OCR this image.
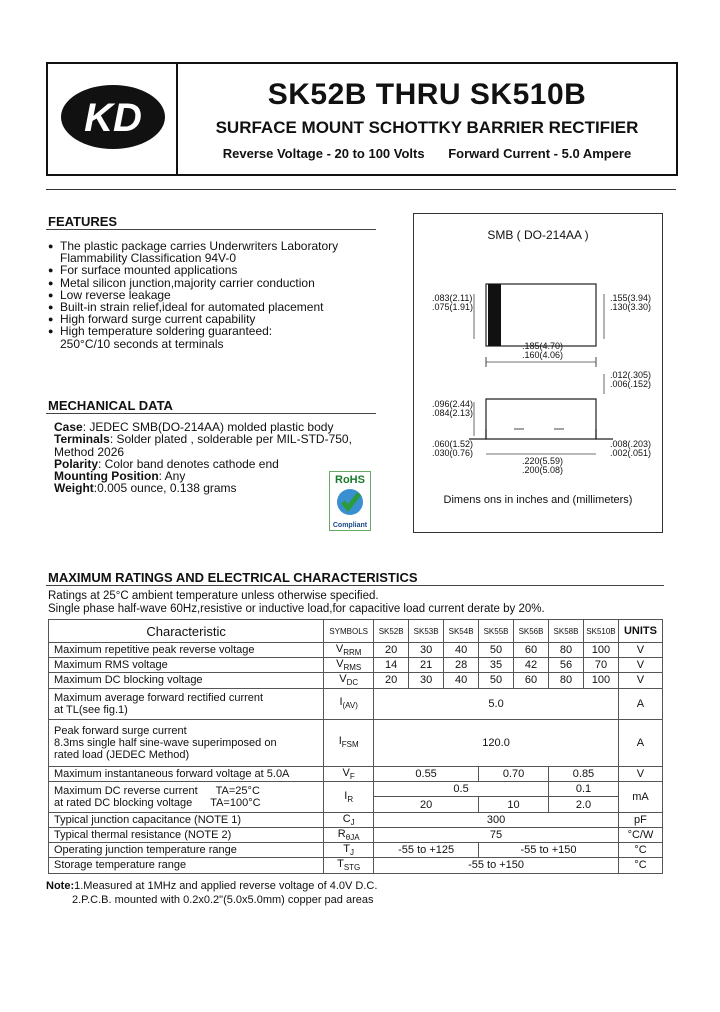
KD
SK52B THRU SK510B
SURFACE MOUNT SCHOTTKY BARRIER RECTIFIER
Reverse Voltage - 20 to 100 Volts Forward Current - 5.0 Ampere
FEATURES
● The plastic package carries Underwriters Laboratory
Flammability Classification 94V-0
● For surface mounted applications
● Metal silicon junction,majority carrier conduction
● Low reverse leakage
● Built-in strain relief,ideal for automated placement
● High forward surge current capability
● High temperature soldering guaranteed:
250°C/10 seconds at terminals
MECHANICAL DATA
Case: JEDEC SMB(DO-214AA) molded plastic body
Terminals: Solder plated , solderable per MIL-STD-750,
Method 2026
Polarity: Color band denotes cathode end
Mounting Position: Any
Weight:0.005 ounce, 0.138 grams
RoHS
Compliant
SMB ( DO-214AA )
.083(2.11)
.075(1.91)
.155(3.94)
.130(3.30)
.185(4.70)
.160(4.06)
.012(.305)
.006(.152)
.096(2.44)
.084(2.13)
.060(1.52)
.030(0.76)
.220(5.59)
.200(5.08)
.008(.203)
.002(.051)
Dimens ons in inches and (millimeters)
MAXIMUM RATINGS AND ELECTRICAL CHARACTERISTICS
Ratings at 25°C ambient temperature unless otherwise specified.
Single phase half-wave 60Hz,resistive or inductive load,for capacitive load current derate by 20%.
Characteristic	SYMBOLS	SK52B	SK53B	SK54B	SK55B	SK56B	SK58B	SK510B	UNITS
Maximum repetitive peak reverse voltage	$V_{RRM}$	20	30	40	50	60	80	100	V
Maximum RMS voltage	$V_{RMS}$	14	21	28	35	42	56	70	V
Maximum DC blocking voltage	$V_{DC}$	20	30	40	50	60	80	100	V
Maximum average forward rectified current
at TL(see fig.1)	$I_{(AV)}$	5.0							A
Peak forward surge current
8.3ms single half sine-wave superimposed on
rated load (JEDEC Method)	$I_{FSM}$	120.0							A
Maximum instantaneous forward voltage at 5.0A	$V_F$	0.55			0.70		0.85		V
Maximum DC reverse current TA=25°C
at rated DC blocking voltage TA=100°C	$I_R$	0.5					0.1		mA
		20			10		2.0		
Typical junction capacitance (NOTE 1)	$C_J$	300							pF
Typical thermal resistance (NOTE 2)	$R_{\theta JA}$	75							°C/W
Operating junction temperature range	$T_J$	-55 to +125			-55 to +150				°C
Storage temperature range	$T_{STG}$	-55 to +150							°C
Note:1.Measured at 1MHz and applied reverse voltage of 4.0V D.C.
2.P.C.B. mounted with 0.2x0.2"(5.0x5.0mm) copper pad areas
